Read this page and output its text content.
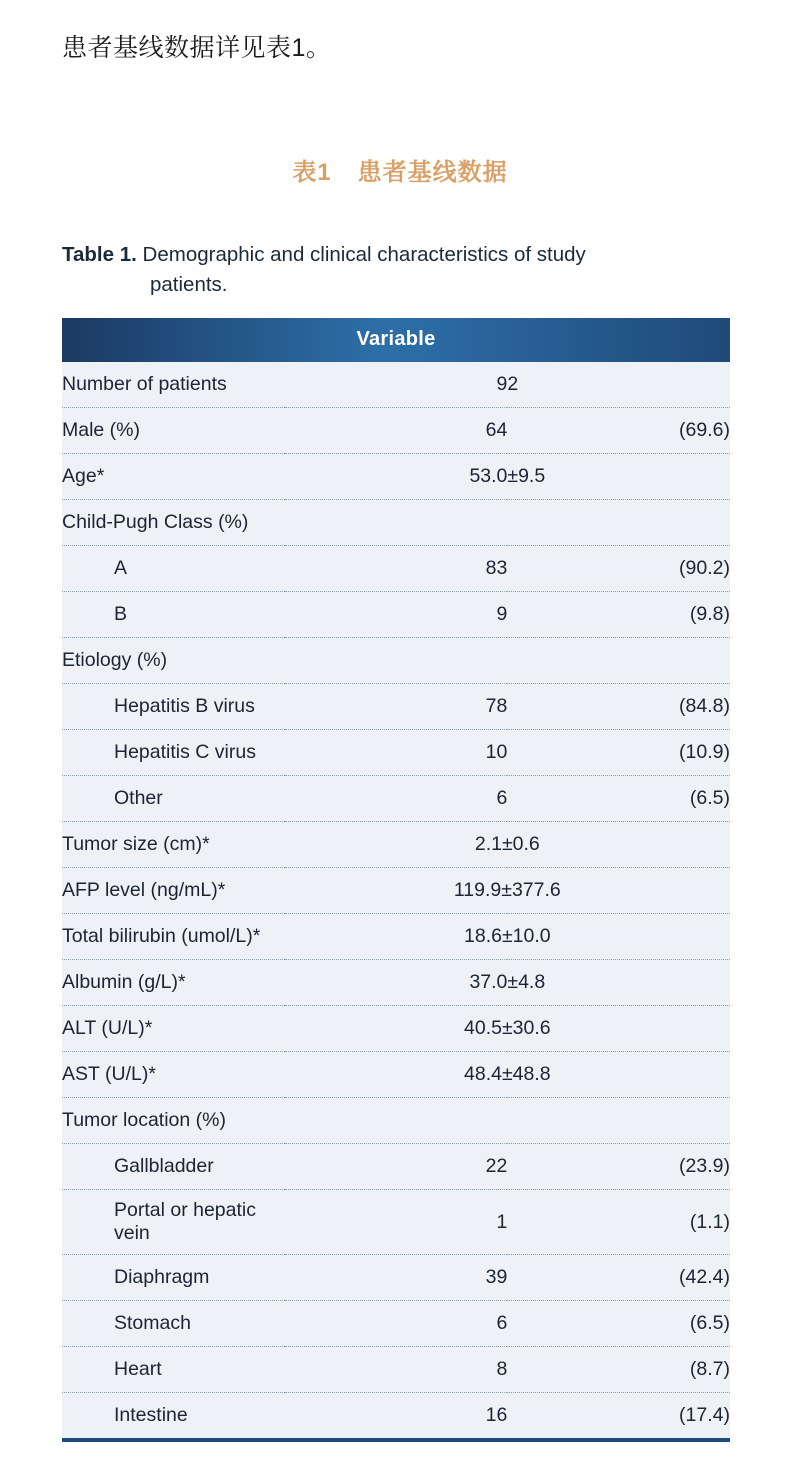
患者基线数据详见表1。
表1 患者基线数据
Table 1. Demographic and clinical characteristics of study
patients.
Variable		
Number of patients	92	
Male (%)	64	(69.6)
Age*	53.0±9.5	
Child-Pugh Class (%)		
A	83	(90.2)
B	9	(9.8)
Etiology (%)		
Hepatitis B virus	78	(84.8)
Hepatitis C virus	10	(10.9)
Other	6	(6.5)
Tumor size (cm)*	2.1±0.6	
AFP level (ng/mL)*	119.9±377.6	
Total bilirubin (umol/L)*	18.6±10.0	
Albumin (g/L)*	37.0±4.8	
ALT (U/L)*	40.5±30.6	
AST (U/L)*	48.4±48.8	
Tumor location (%)		
Gallbladder	22	(23.9)
Portal or hepatic vein	1	(1.1)
Diaphragm	39	(42.4)
Stomach	6	(6.5)
Heart	8	(8.7)
Intestine	16	(17.4)
